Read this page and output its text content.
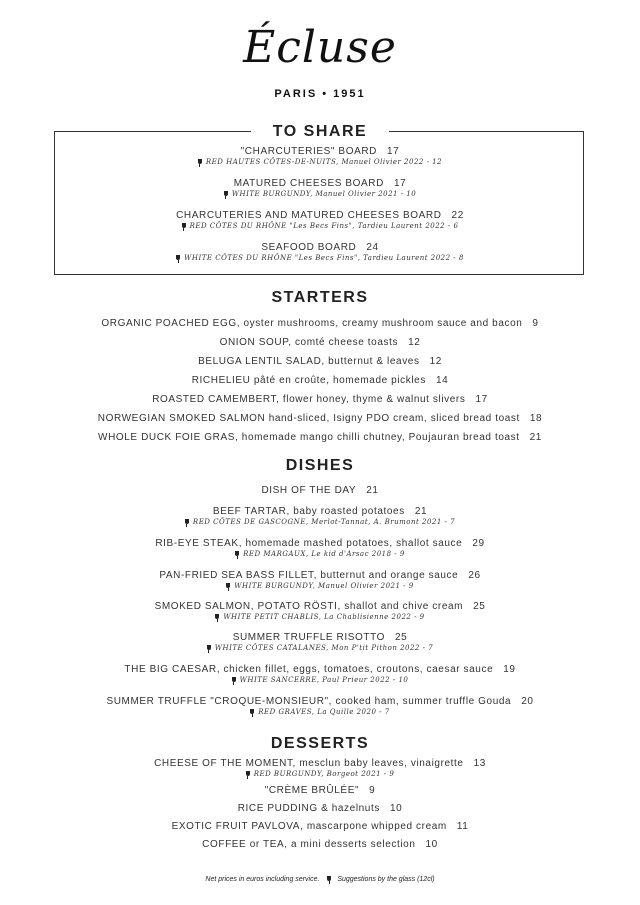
Écluse
PARIS • 1951
TO SHARE
"CHARCUTERIES" BOARD 17
RED HAUTES CÔTES-DE-NUITS, Manuel Olivier 2022 - 12
MATURED CHEESES BOARD 17
WHITE BURGUNDY, Manuel Olivier 2021 - 10
CHARCUTERIES AND MATURED CHEESES BOARD 22
RED CÔTES DU RHÔNE "Les Becs Fins", Tardieu Laurent 2022 - 6
SEAFOOD BOARD 24
WHITE CÔTES DU RHÔNE "Les Becs Fins", Tardieu Laurent 2022 - 8
STARTERS
ORGANIC POACHED EGG, oyster mushrooms, creamy mushroom sauce and bacon 9
ONION SOUP, comté cheese toasts 12
BELUGA LENTIL SALAD, butternut & leaves 12
RICHELIEU pâté en croûte, homemade pickles 14
ROASTED CAMEMBERT, flower honey, thyme & walnut slivers 17
NORWEGIAN SMOKED SALMON hand-sliced, Isigny PDO cream, sliced bread toast 18
WHOLE DUCK FOIE GRAS, homemade mango chilli chutney, Poujauran bread toast 21
DISHES
DISH OF THE DAY 21
BEEF TARTAR, baby roasted potatoes 21
RED CÔTES DE GASCOGNE, Merlot-Tannat, A. Brumont 2021 - 7
RIB-EYE STEAK, homemade mashed potatoes, shallot sauce 29
RED MARGAUX, Le kid d'Arsac 2018 - 9
PAN-FRIED SEA BASS FILLET, butternut and orange sauce 26
WHITE BURGUNDY, Manuel Olivier 2021 - 9
SMOKED SALMON, POTATO RÖSTI, shallot and chive cream 25
WHITE PETIT CHABLIS, La Chablisienne 2022 - 9
SUMMER TRUFFLE RISOTTO 25
WHITE CÔTES CATALANES, Mon P'tit Pithon 2022 - 7
THE BIG CAESAR, chicken fillet, eggs, tomatoes, croutons, caesar sauce 19
WHITE SANCERRE, Paul Prieur 2022 - 10
SUMMER TRUFFLE "CROQUE-MONSIEUR", cooked ham, summer truffle Gouda 20
RED GRAVES, La Quille 2020 - 7
DESSERTS
CHEESE OF THE MOMENT, mesclun baby leaves, vinaigrette 13
RED BURGUNDY, Borgeot 2021 - 9
"CRÈME BRÛLÉE" 9
RICE PUDDING & hazelnuts 10
EXOTIC FRUIT PAVLOVA, mascarpone whipped cream 11
COFFEE or TEA, a mini desserts selection 10
Net prices in euros including service.	Suggestions by the glass (12cl)
